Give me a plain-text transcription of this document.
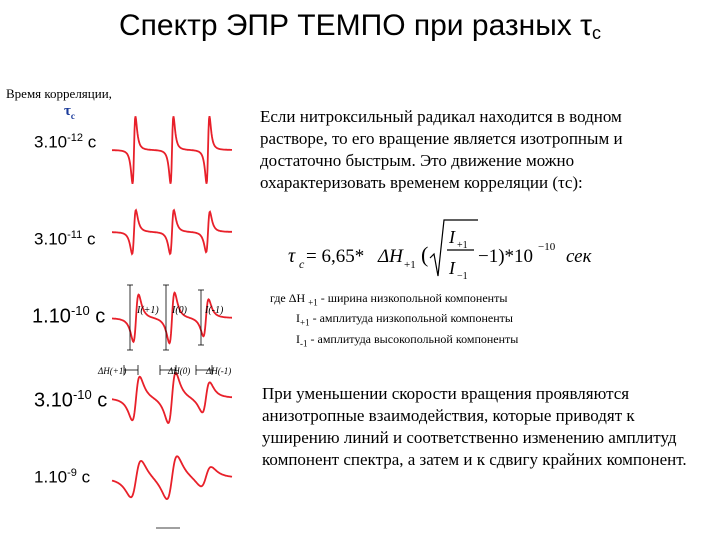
Спектр ЭПР ТЕМПО при разных $\tau_c$
Время корреляции,
$\tau_c$
$3.10^{-12}$ с
$3.10^{-11}$ с
$1.10^{-10}$ с
$3.10^{-10}$ с
$1.10^{-9}$ с
I(+1) I(0) I(-1)
ΔH(+1)	ΔH(0) ΔH(-1)
τ c = 6,65* ΔH +1 (
I +1
I −1
−1)*10 −10 сек
Если нитроксильный радикал находится в водном растворе, то его вращение является изотропным и достаточно быстрым. Это движение можно охарактеризовать временем корреляции (τc):
где ΔH $_{+1}$ - ширина низкопольной компоненты
$I_{+1}$ - амплитуда низкопольной компоненты
$I_{-1}$ - амплитуда высокопольной компоненты
При уменьшении скорости вращения проявляются анизотропные взаимодействия, которые приводят к уширению линий и соответственно изменению амплитуд компонент спектра, а затем и к сдвигу крайних компонент.
